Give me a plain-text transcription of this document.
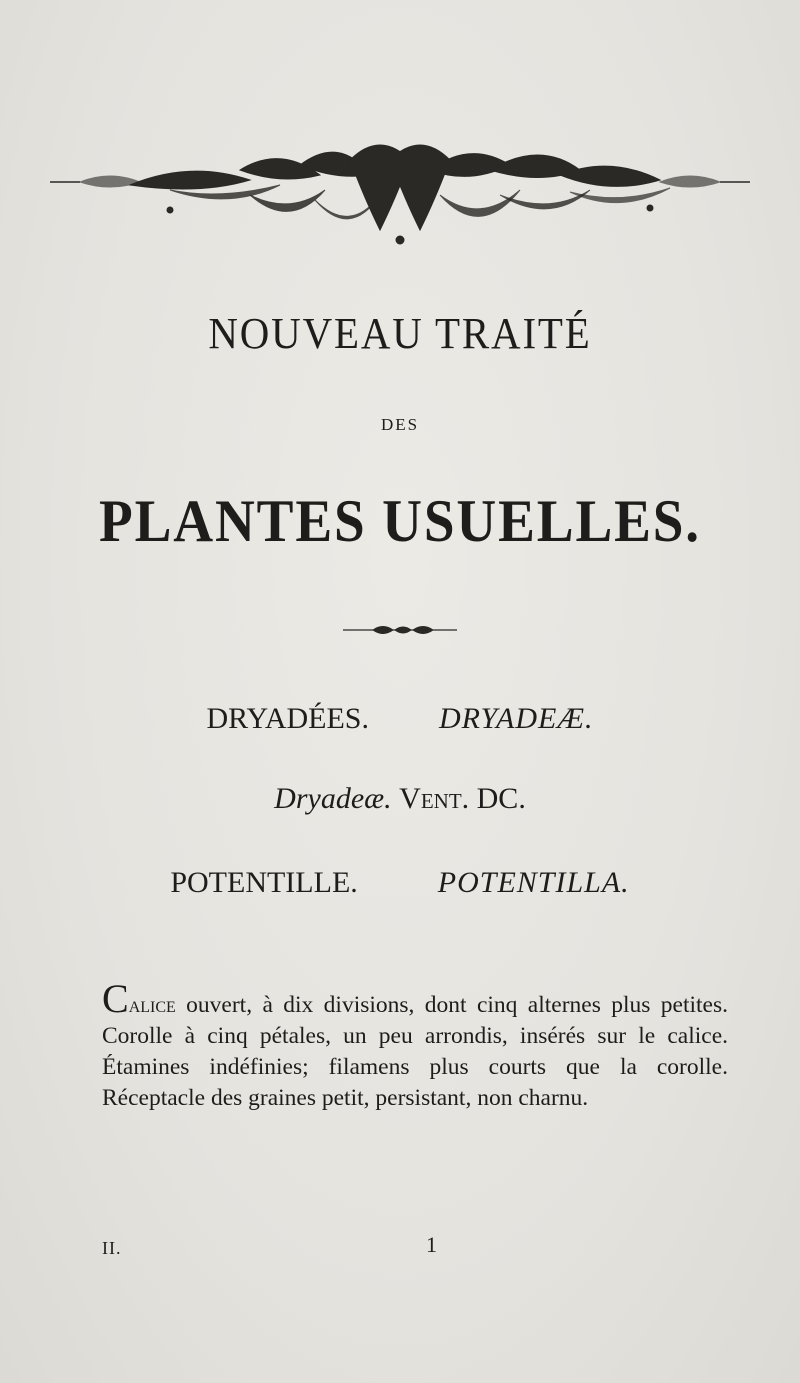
NOUVEAU TRAITÉ
DES
PLANTES USUELLES.
DRYADÉES. DRYADEÆ.
Dryadeæ. Vent. DC.
POTENTILLE.	POTENTILLA.

Calice ouvert, à dix divisions, dont cinq alternes plus petites. Corolle à cinq pétales, un peu arrondis, insérés sur le calice. Étamines indéfinies; filamens plus courts que la corolle. Réceptacle des graines petit, persistant, non charnu.

II.	1
